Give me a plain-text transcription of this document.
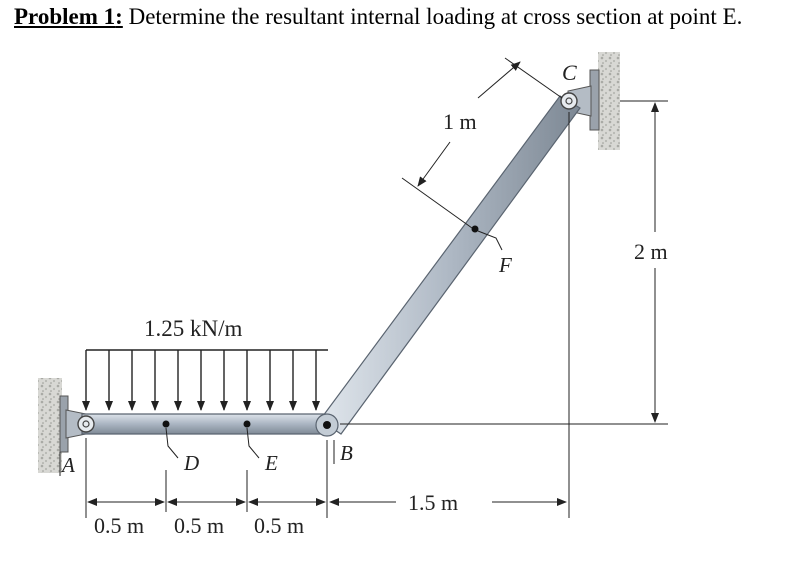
Problem 1: Determine the resultant internal loading at cross section at point E.
C
1 m
F
2 m
1.25 kN/m
A	D	E	B
1.5 m
0.5 m 0.5 m 0.5 m
